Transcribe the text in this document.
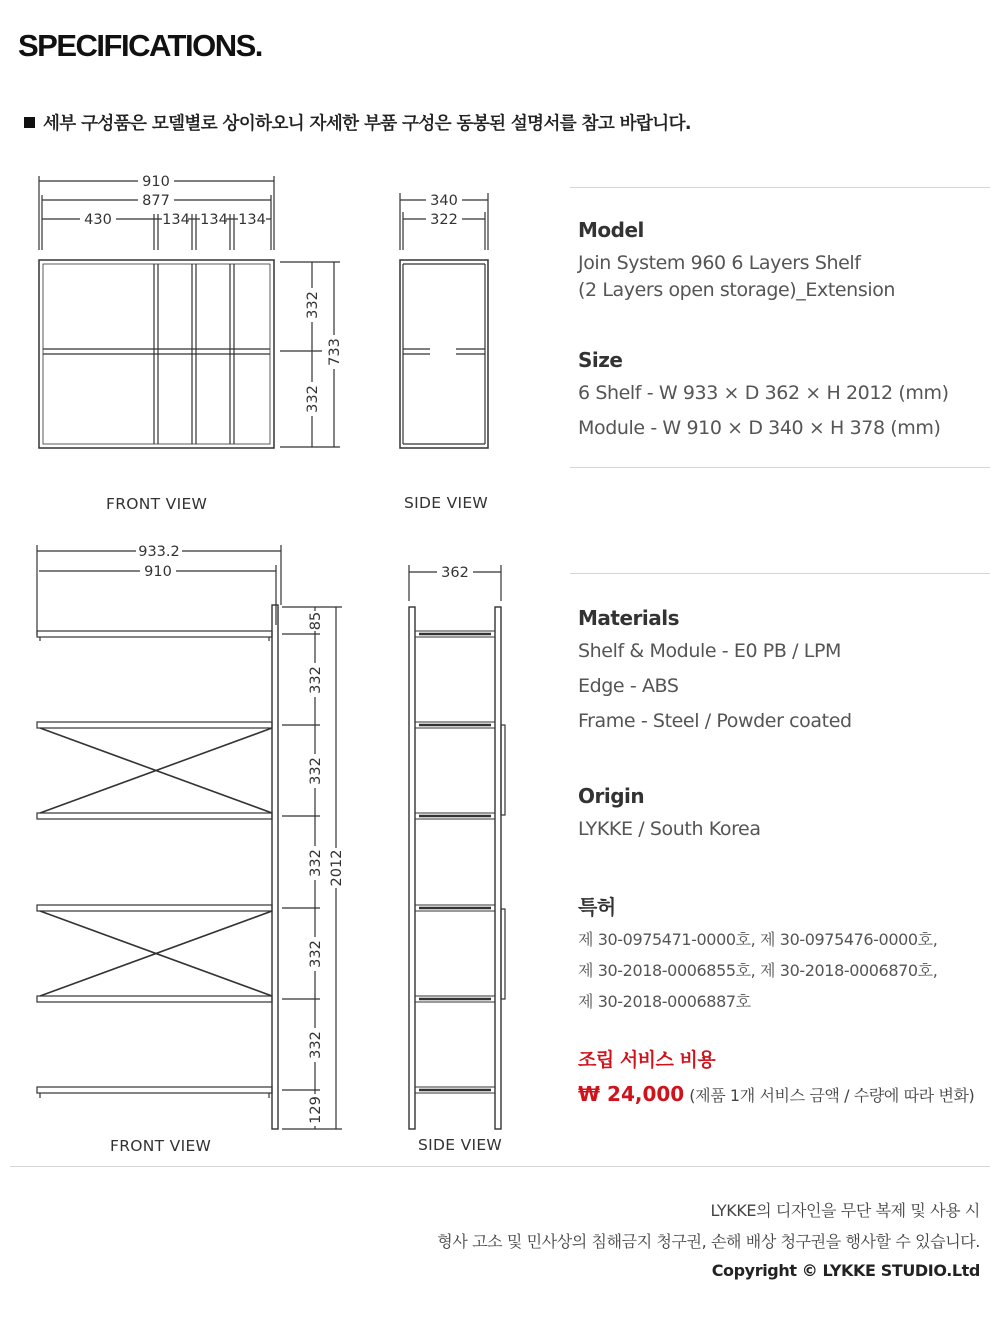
SPECIFICATIONS.
세부 구성품은 모델별로 상이하오니 자세한 부품 구성은 동봉된 설명서를 참고 바랍니다.
910
877
430	134 134 134
332
332
733
340
322
FRONT VIEW	SIDE VIEW
933.2
910
85
332
332
332
332
332
129
2012
362
FRONT VIEW	SIDE VIEW
Model
Join System 960 6 Layers Shelf
(2 Layers open storage)_Extension
Size
6 Shelf - W 933 × D 362 × H 2012 (mm)
Module - W 910 × D 340 × H 378 (mm)
Materials
Shelf & Module - E0 PB / LPM
Edge - ABS
Frame - Steel / Powder coated
Origin
LYKKE / South Korea
특허
제 30-0975471-0000호, 제 30-0975476-0000호,
제 30-2018-0006855호, 제 30-2018-0006870호,
제 30-2018-0006887호
조립 서비스 비용
₩ 24,000 (제품 1개 서비스 금액 / 수량에 따라 변화)
LYKKE의 디자인을 무단 복제 및 사용 시
형사 고소 및 민사상의 침해금지 청구권, 손해 배상 청구권을 행사할 수 있습니다.
Copyright © LYKKE STUDIO.Ltd
